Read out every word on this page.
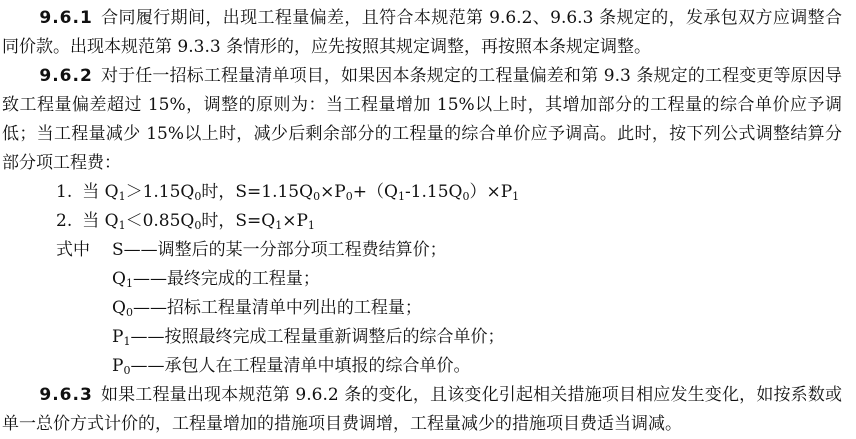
9.6.1 合同履行期间，出现工程量偏差，且符合本规范第 9.6.2、9.6.3 条规定的，发承包双方应调整合同价款。出现本规范第 9.3.3 条情形的，应先按照其规定调整，再按照本条规定调整。

9.6.2 对于任一招标工程量清单项目，如果因本条规定的工程量偏差和第 9.3 条规定的工程变更等原因导致工程量偏差超过 15%，调整的原则为：当工程量增加 15%以上时，其增加部分的工程量的综合单价应予调低；当工程量减少 15%以上时，减少后剩余部分的工程量的综合单价应予调高。此时，按下列公式调整结算分部分项工程费：

1. 当 $Q_1>1.15Q_0$时，$S=1.15Q_0\times P_0+(Q_1-1.15Q_0)\times P_1$

2. 当 $Q_1<0.85Q_0$时，$S=Q_1\times P_1$

式中 S——调整后的某一分部分项工程费结算价；

$Q_1——$最终完成的工程量；

$Q_0——$招标工程量清单中列出的工程量；

$P_1——$按照最终完成工程量重新调整后的综合单价；

$P_0——$承包人在工程量清单中填报的综合单价。

9.6.3 如果工程量出现本规范第 9.6.2 条的变化，且该变化引起相关措施项目相应发生变化，如按系数或单一总价方式计价的，工程量增加的措施项目费调增，工程量减少的措施项目费适当调减。
